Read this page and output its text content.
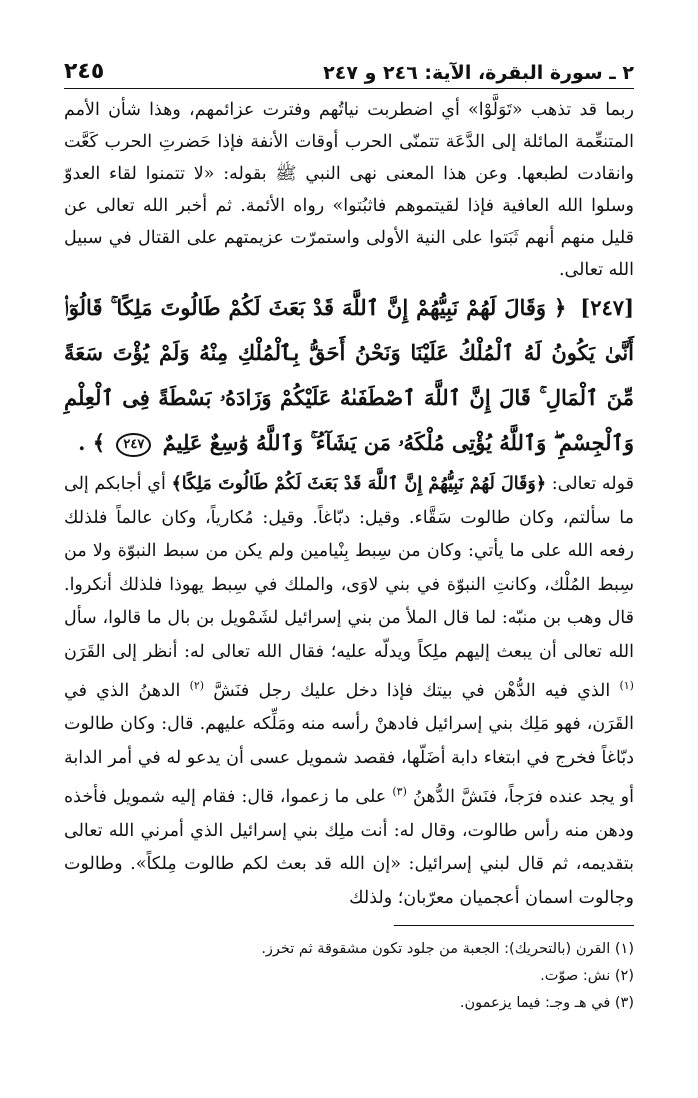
٢ ـ سورة البقرة، الآية: ٢٤٦ و ٢٤٧
٢٤٥
ربما قد تذهب «تَوَلَّوْا» أي اضطربت نياتُهم وفترت عزائمهم، وهذا شأن الأمم المتنعِّمة المائلة إلى الدَّعَة تتمنّى الحرب أوقات الأنفة فإذا حَضرتِ الحرب كَعَّت وانقادت لطبعها. وعن هذا المعنى نهى النبي ﷺ بقوله: «لا تتمنوا لقاء العدوّ وسلوا الله العافية فإذا لقيتموهم فاثبُتوا» رواه الأئمة. ثم أخبر الله تعالى عن قليل منهم أنهم ثَبَتوا على النية الأولى واستمرّت عزيمتهم على القتال في سبيل الله تعالى.
[٢٤٧] ﴿ وَقَالَ لَهُمْ نَبِيُّهُمْ إِنَّ ٱللَّهَ قَدْ بَعَثَ لَكُمْ طَالُوتَ مَلِكًا ۚ قَالُوٓا۟ أَنَّىٰ يَكُونُ لَهُ ٱلْمُلْكُ عَلَيْنَا وَنَحْنُ أَحَقُّ بِٱلْمُلْكِ مِنْهُ وَلَمْ يُؤْتَ سَعَةً مِّنَ ٱلْمَالِ ۚ قَالَ إِنَّ ٱللَّهَ ٱصْطَفَىٰهُ عَلَيْكُمْ وَزَادَهُۥ بَسْطَةً فِى ٱلْعِلْمِ وَٱلْجِسْمِ ۖ وَٱللَّهُ يُؤْتِى مُلْكَهُۥ مَن يَشَآءُ ۚ وَٱللَّهُ وَٰسِعٌ عَلِيمٌ ٢٤٧ ﴾ .
قوله تعالى: ﴿وَقَالَ لَهُمْ نَبِيُّهُمْ إِنَّ ٱللَّهَ قَدْ بَعَثَ لَكُمْ طَالُوتَ مَلِكًا﴾ أي أجابكم إلى ما سألتم، وكان طالوت سَقَّاء. وقيل: دبّاغاً. وقيل: مُكارياً، وكان عالماً فلذلك رفعه الله على ما يأتي: وكان من سِبط بِنْيامين ولم يكن من سبط النبوّة ولا من سِبط المُلْك، وكانتِ النبوّة في بني لاوَى، والملك في سِبط يهوذا فلذلك أنكروا. قال وهب بن منبّه: لما قال الملأ من بني إسرائيل لشَمْويل بن بال ما قالوا، سأل الله تعالى أن يبعث إليهم ملِكاً ويدلّه عليه؛ فقال الله تعالى له: أنظر إلى القَرَن $^{(١)}$ الذي فيه الدُّهْن في بيتك فإذا دخل عليك رجل فنَشَّ $^{(٢)}$ الدهنُ الذي في القَرَن، فهو مَلِك بني إسرائيل فادهنْ رأسه منه ومَلِّكه عليهم. قال: وكان طالوت دبّاغاً فخرج في ابتغاء دابة أضَلّها، فقصد شمويل عسى أن يدعو له في أمر الدابة أو يجد عنده فرَجاً، فنَشَّ الدُّهنُ $^{(٣)}$ على ما زعموا، قال: فقام إليه شمويل فأخذه ودهن منه رأس طالوت، وقال له: أنت ملِك بني إسرائيل الذي أمرني الله تعالى بتقديمه، ثم قال لبني إسرائيل: «إن الله قد بعث لكم طالوت مِلكاً». وطالوت وجالوت اسمان أعجميان معرّبان؛ ولذلك
(١) القرن (بالتحريك): الجعبة من جلود تكون مشقوقة ثم تخرز.
(٢) نش: صوّت.
(٣) في هـ وجـ: فيما يزعمون.
